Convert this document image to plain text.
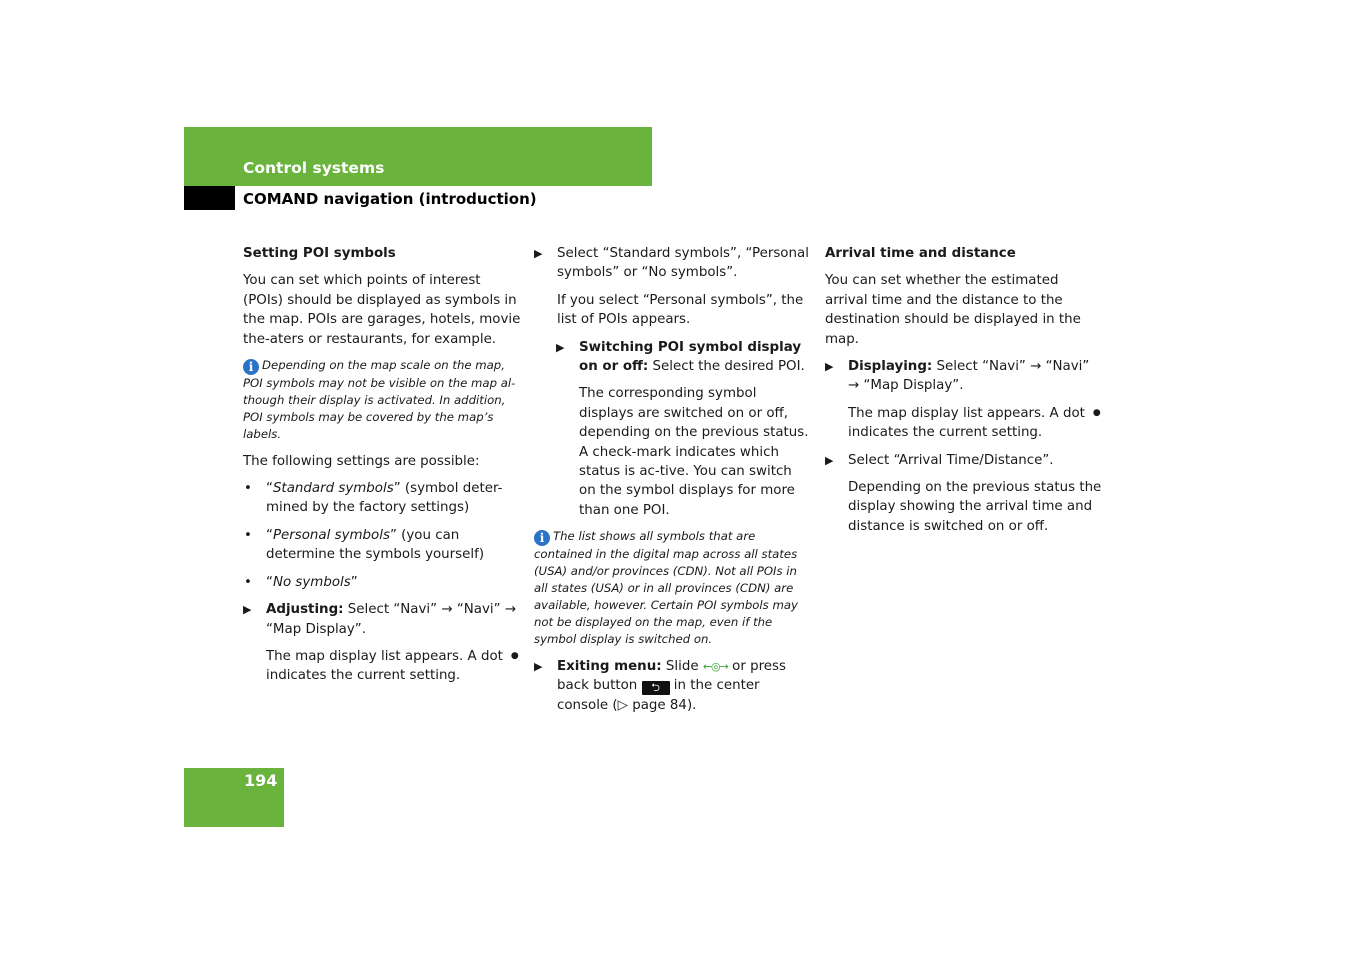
Control systems
COMAND navigation (introduction)

Setting POI symbols

You can set which points of interest (POIs) should be displayed as symbols in the map. POIs are garages, hotels, movie the-aters or restaurants, for example.

i Depending on the map scale on the map, POI symbols may not be visible on the map al-though their display is activated. In addition, POI symbols may be covered by the map’s labels.

The following settings are possible:

• “Standard symbols” (symbol deter-mined by the factory settings)
• “Personal symbols” (you can determine the symbols yourself)
• “No symbols”
▶ Adjusting: Select “Navi” → “Navi” → “Map Display”.
The map display list appears. A dot ● indicates the current setting.
▶ Select “Standard symbols”, “Personal symbols” or “No symbols”.
If you select “Personal symbols”, the list of POIs appears.
▶ Switching POI symbol display on or off: Select the desired POI.
The corresponding symbol displays are switched on or off, depending on the previous status. A check-mark indicates which status is ac-tive. You can switch on the symbol displays for more than one POI.

i The list shows all symbols that are contained in the digital map across all states (USA) and/or provinces (CDN). Not all POIs in all states (USA) or in all provinces (CDN) are available, however. Certain POI symbols may not be displayed on the map, even if the symbol display is switched on.

▶ Exiting menu: Slide ←◎→ or press back button ⮌ in the center console (▷ page 84).

Arrival time and distance

You can set whether the estimated arrival time and the distance to the destination should be displayed in the map.

▶ Displaying: Select “Navi” → “Navi” → “Map Display”.
The map display list appears. A dot ● indicates the current setting.
▶ Select “Arrival Time/Distance”.
Depending on the previous status the display showing the arrival time and distance is switched on or off.
194
